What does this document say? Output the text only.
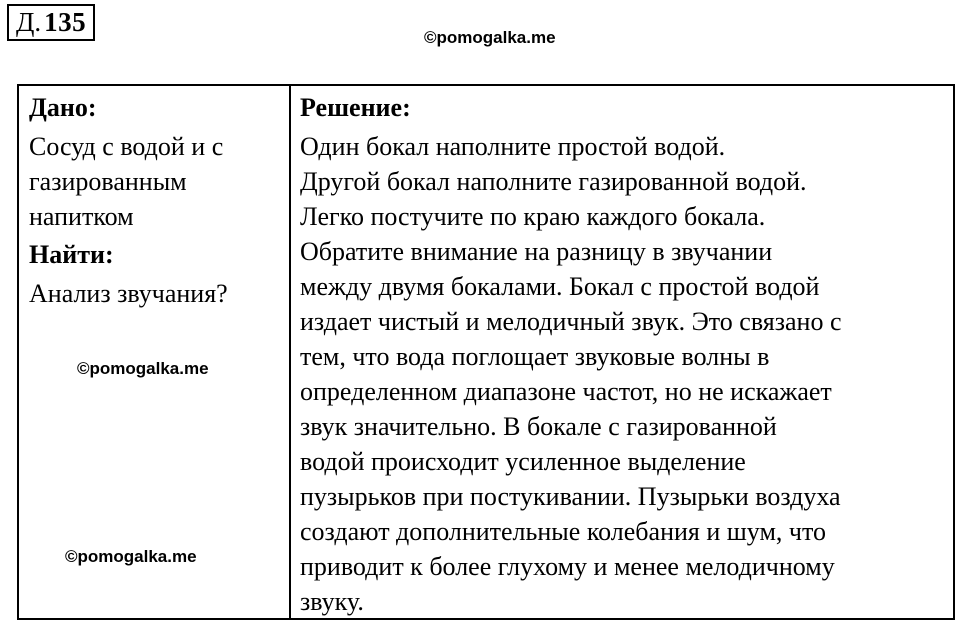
Д. 135
©pomogalka.me
Дано:
Сосуд с водой и с
газированным
напитком
Найти:
Анализ звучания?
Решение:
Один бокал наполните простой водой.
Другой бокал наполните газированной водой.
Легко постучите по краю каждого бокала.
Обратите внимание на разницу в звучании
между двумя бокалами. Бокал с простой водой
издает чистый и мелодичный звук. Это связано с
тем, что вода поглощает звуковые волны в
определенном диапазоне частот, но не искажает
звук значительно. В бокале с газированной
водой происходит усиленное выделение
пузырьков при постукивании. Пузырьки воздуха
создают дополнительные колебания и шум, что
приводит к более глухому и менее мелодичному
звуку.
©pomogalka.me
©pomogalka.me
